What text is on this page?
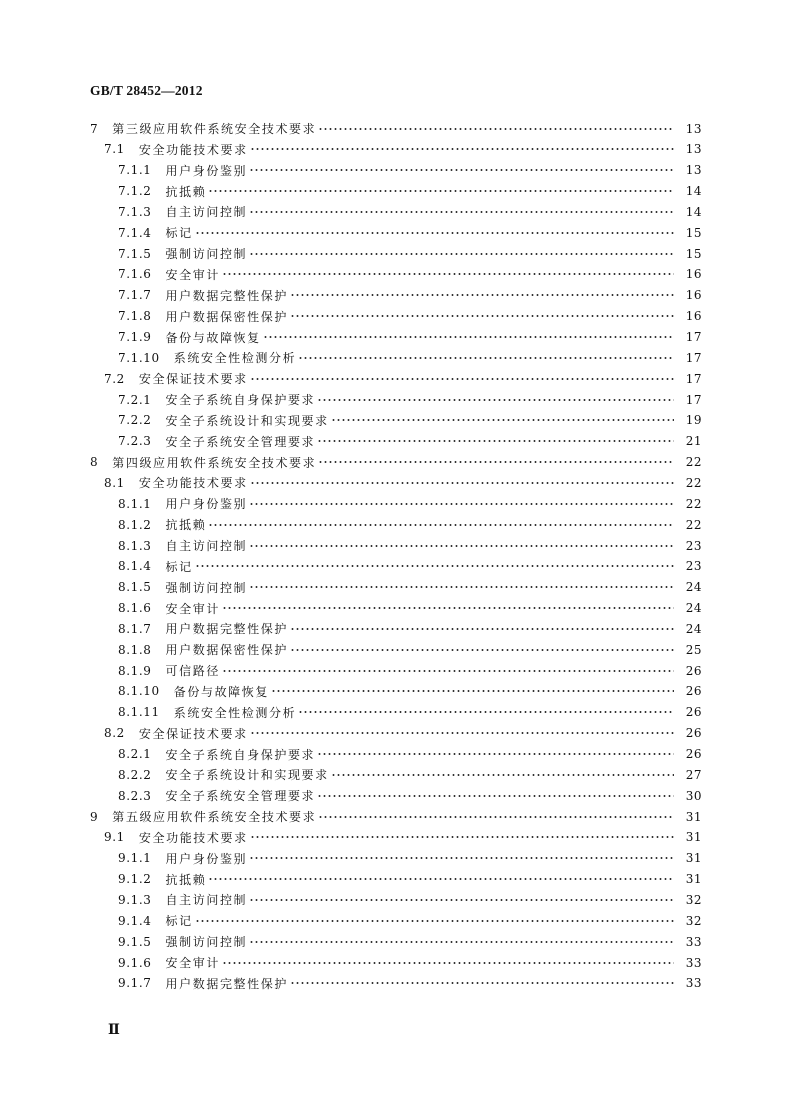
GB/T 28452—2012
7 第三级应用软件系统安全技术要求	13
7.1 安全功能技术要求	13
7.1.1 用户身份鉴别	13
7.1.2 抗抵赖	14
7.1.3 自主访问控制	14
7.1.4 标记	15
7.1.5 强制访问控制	15
7.1.6 安全审计	16
7.1.7 用户数据完整性保护	16
7.1.8 用户数据保密性保护	16
7.1.9 备份与故障恢复	17
7.1.10 系统安全性检测分析	17
7.2 安全保证技术要求	17
7.2.1 安全子系统自身保护要求	17
7.2.2 安全子系统设计和实现要求	19
7.2.3 安全子系统安全管理要求	21
8 第四级应用软件系统安全技术要求	22
8.1 安全功能技术要求	22
8.1.1 用户身份鉴别	22
8.1.2 抗抵赖	22
8.1.3 自主访问控制	23
8.1.4 标记	23
8.1.5 强制访问控制	24
8.1.6 安全审计	24
8.1.7 用户数据完整性保护	24
8.1.8 用户数据保密性保护	25
8.1.9 可信路径	26
8.1.10 备份与故障恢复	26
8.1.11 系统安全性检测分析	26
8.2 安全保证技术要求	26
8.2.1 安全子系统自身保护要求	26
8.2.2 安全子系统设计和实现要求	27
8.2.3 安全子系统安全管理要求	30
9 第五级应用软件系统安全技术要求	31
9.1 安全功能技术要求	31
9.1.1 用户身份鉴别	31
9.1.2 抗抵赖	31
9.1.3 自主访问控制	32
9.1.4 标记	32
9.1.5 强制访问控制	33
9.1.6 安全审计	33
9.1.7 用户数据完整性保护	33
Ⅱ
